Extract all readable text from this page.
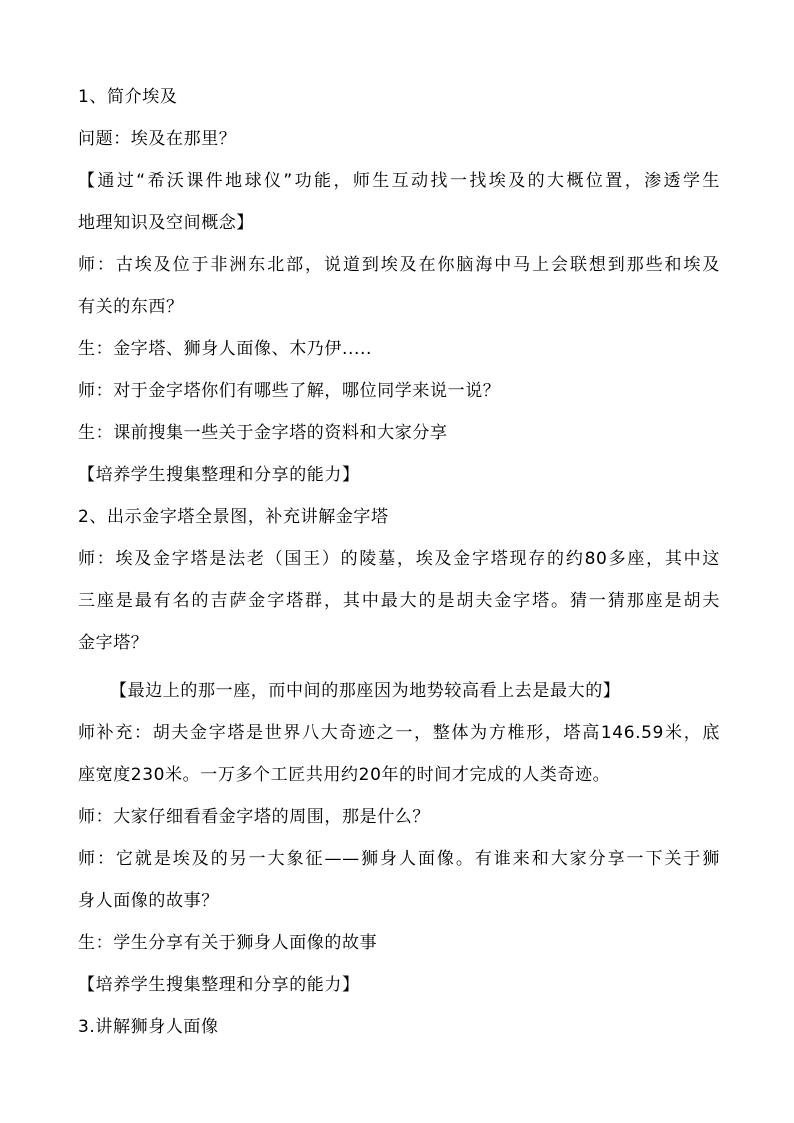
1、简介埃及
问题：埃及在那里？
【通过“希沃课件地球仪”功能，师生互动找一找埃及的大概位置，渗透学生
地理知识及空间概念】
师：古埃及位于非洲东北部，说道到埃及在你脑海中马上会联想到那些和埃及
有关的东西？
生：金字塔、狮身人面像、木乃伊.....
师：对于金字塔你们有哪些了解，哪位同学来说一说？
生：课前搜集一些关于金字塔的资料和大家分享
【培养学生搜集整理和分享的能力】
2、出示金字塔全景图，补充讲解金字塔
师：埃及金字塔是法老（国王）的陵墓，埃及金字塔现存的约80多座，其中这
三座是最有名的吉萨金字塔群，其中最大的是胡夫金字塔。猜一猜那座是胡夫
金字塔？
【最边上的那一座，而中间的那座因为地势较高看上去是最大的】
师补充：胡夫金字塔是世界八大奇迹之一，整体为方椎形，塔高146.59米，底
座宽度230米。一万多个工匠共用约20年的时间才完成的人类奇迹。
师：大家仔细看看金字塔的周围，那是什么？
师：它就是埃及的另一大象征——狮身人面像。有谁来和大家分享一下关于狮
身人面像的故事？
生：学生分享有关于狮身人面像的故事
【培养学生搜集整理和分享的能力】
3.讲解狮身人面像
